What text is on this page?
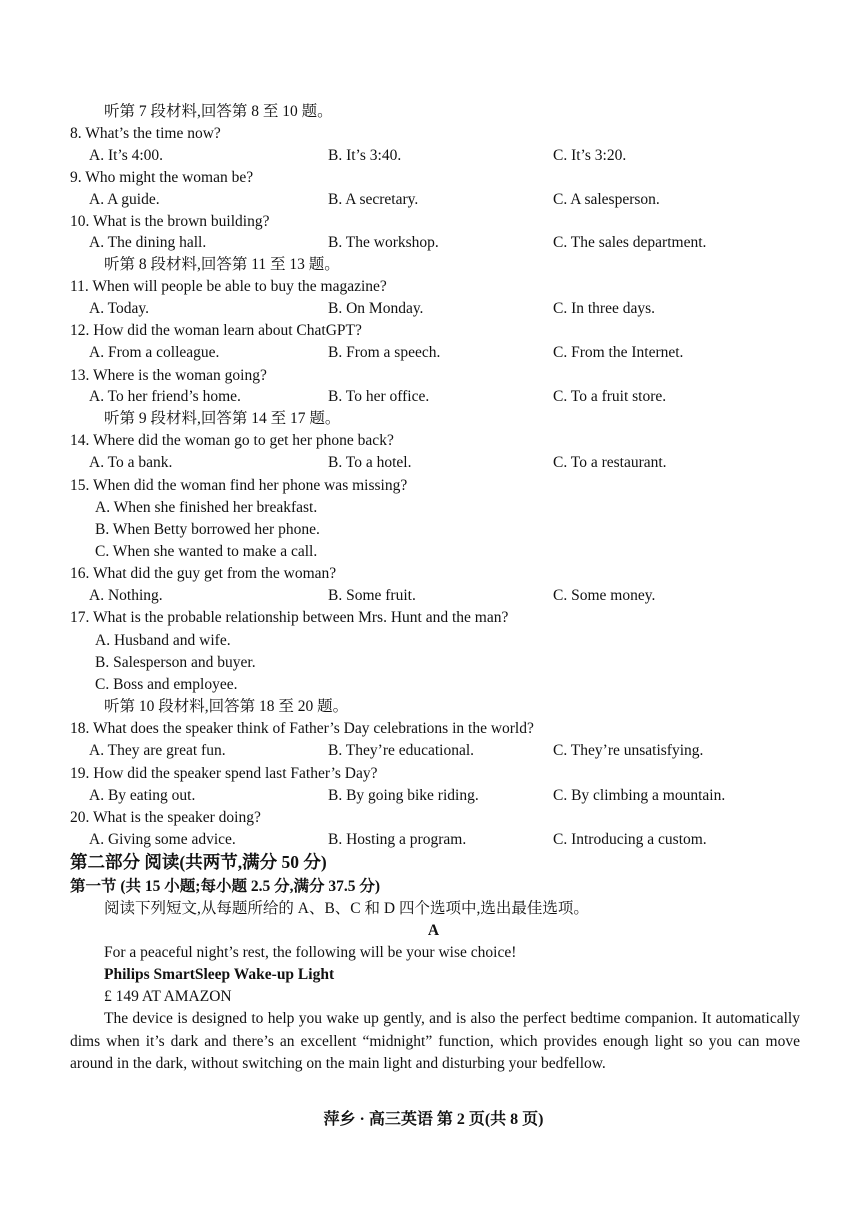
听第 7 段材料,回答第 8 至 10 题。
8. What’s the time now?
A. It’s 4:00.	B. It’s 3:40.	C. It’s 3:20.
9. Who might the woman be?
A. A guide.	B. A secretary.	C. A salesperson.
10. What is the brown building?
A. The dining hall.	B. The workshop.	C. The sales department.
听第 8 段材料,回答第 11 至 13 题。
11. When will people be able to buy the magazine?
A. Today.	B. On Monday.	C. In three days.
12. How did the woman learn about ChatGPT?
A. From a colleague.	B. From a speech.	C. From the Internet.
13. Where is the woman going?
A. To her friend’s home.	B. To her office.	C. To a fruit store.
听第 9 段材料,回答第 14 至 17 题。
14. Where did the woman go to get her phone back?
A. To a bank.	B. To a hotel.	C. To a restaurant.
15. When did the woman find her phone was missing?
A. When she finished her breakfast.
B. When Betty borrowed her phone.
C. When she wanted to make a call.
16. What did the guy get from the woman?
A. Nothing.	B. Some fruit.	C. Some money.
17. What is the probable relationship between Mrs. Hunt and the man?
A. Husband and wife.
B. Salesperson and buyer.
C. Boss and employee.
听第 10 段材料,回答第 18 至 20 题。
18. What does the speaker think of Father’s Day celebrations in the world?
A. They are great fun.	B. They’re educational.	C. They’re unsatisfying.
19. How did the speaker spend last Father’s Day?
A. By eating out.	B. By going bike riding.	C. By climbing a mountain.
20. What is the speaker doing?
A. Giving some advice.	B. Hosting a program.	C. Introducing a custom.
第二部分 阅读(共两节,满分 50 分)
第一节 (共 15 小题;每小题 2.5 分,满分 37.5 分)
阅读下列短文,从每题所给的 A、B、C 和 D 四个选项中,选出最佳选项。
A
For a peaceful night’s rest, the following will be your wise choice!
Philips SmartSleep Wake-up Light
£ 149 AT AMAZON
The device is designed to help you wake up gently, and is also the perfect bedtime companion. It automatically dims when it’s dark and there’s an excellent “midnight” function, which provides enough light so you can move around in the dark, without switching on the main light and disturbing your bedfellow.
萍乡 · 高三英语 第 2 页(共 8 页)
